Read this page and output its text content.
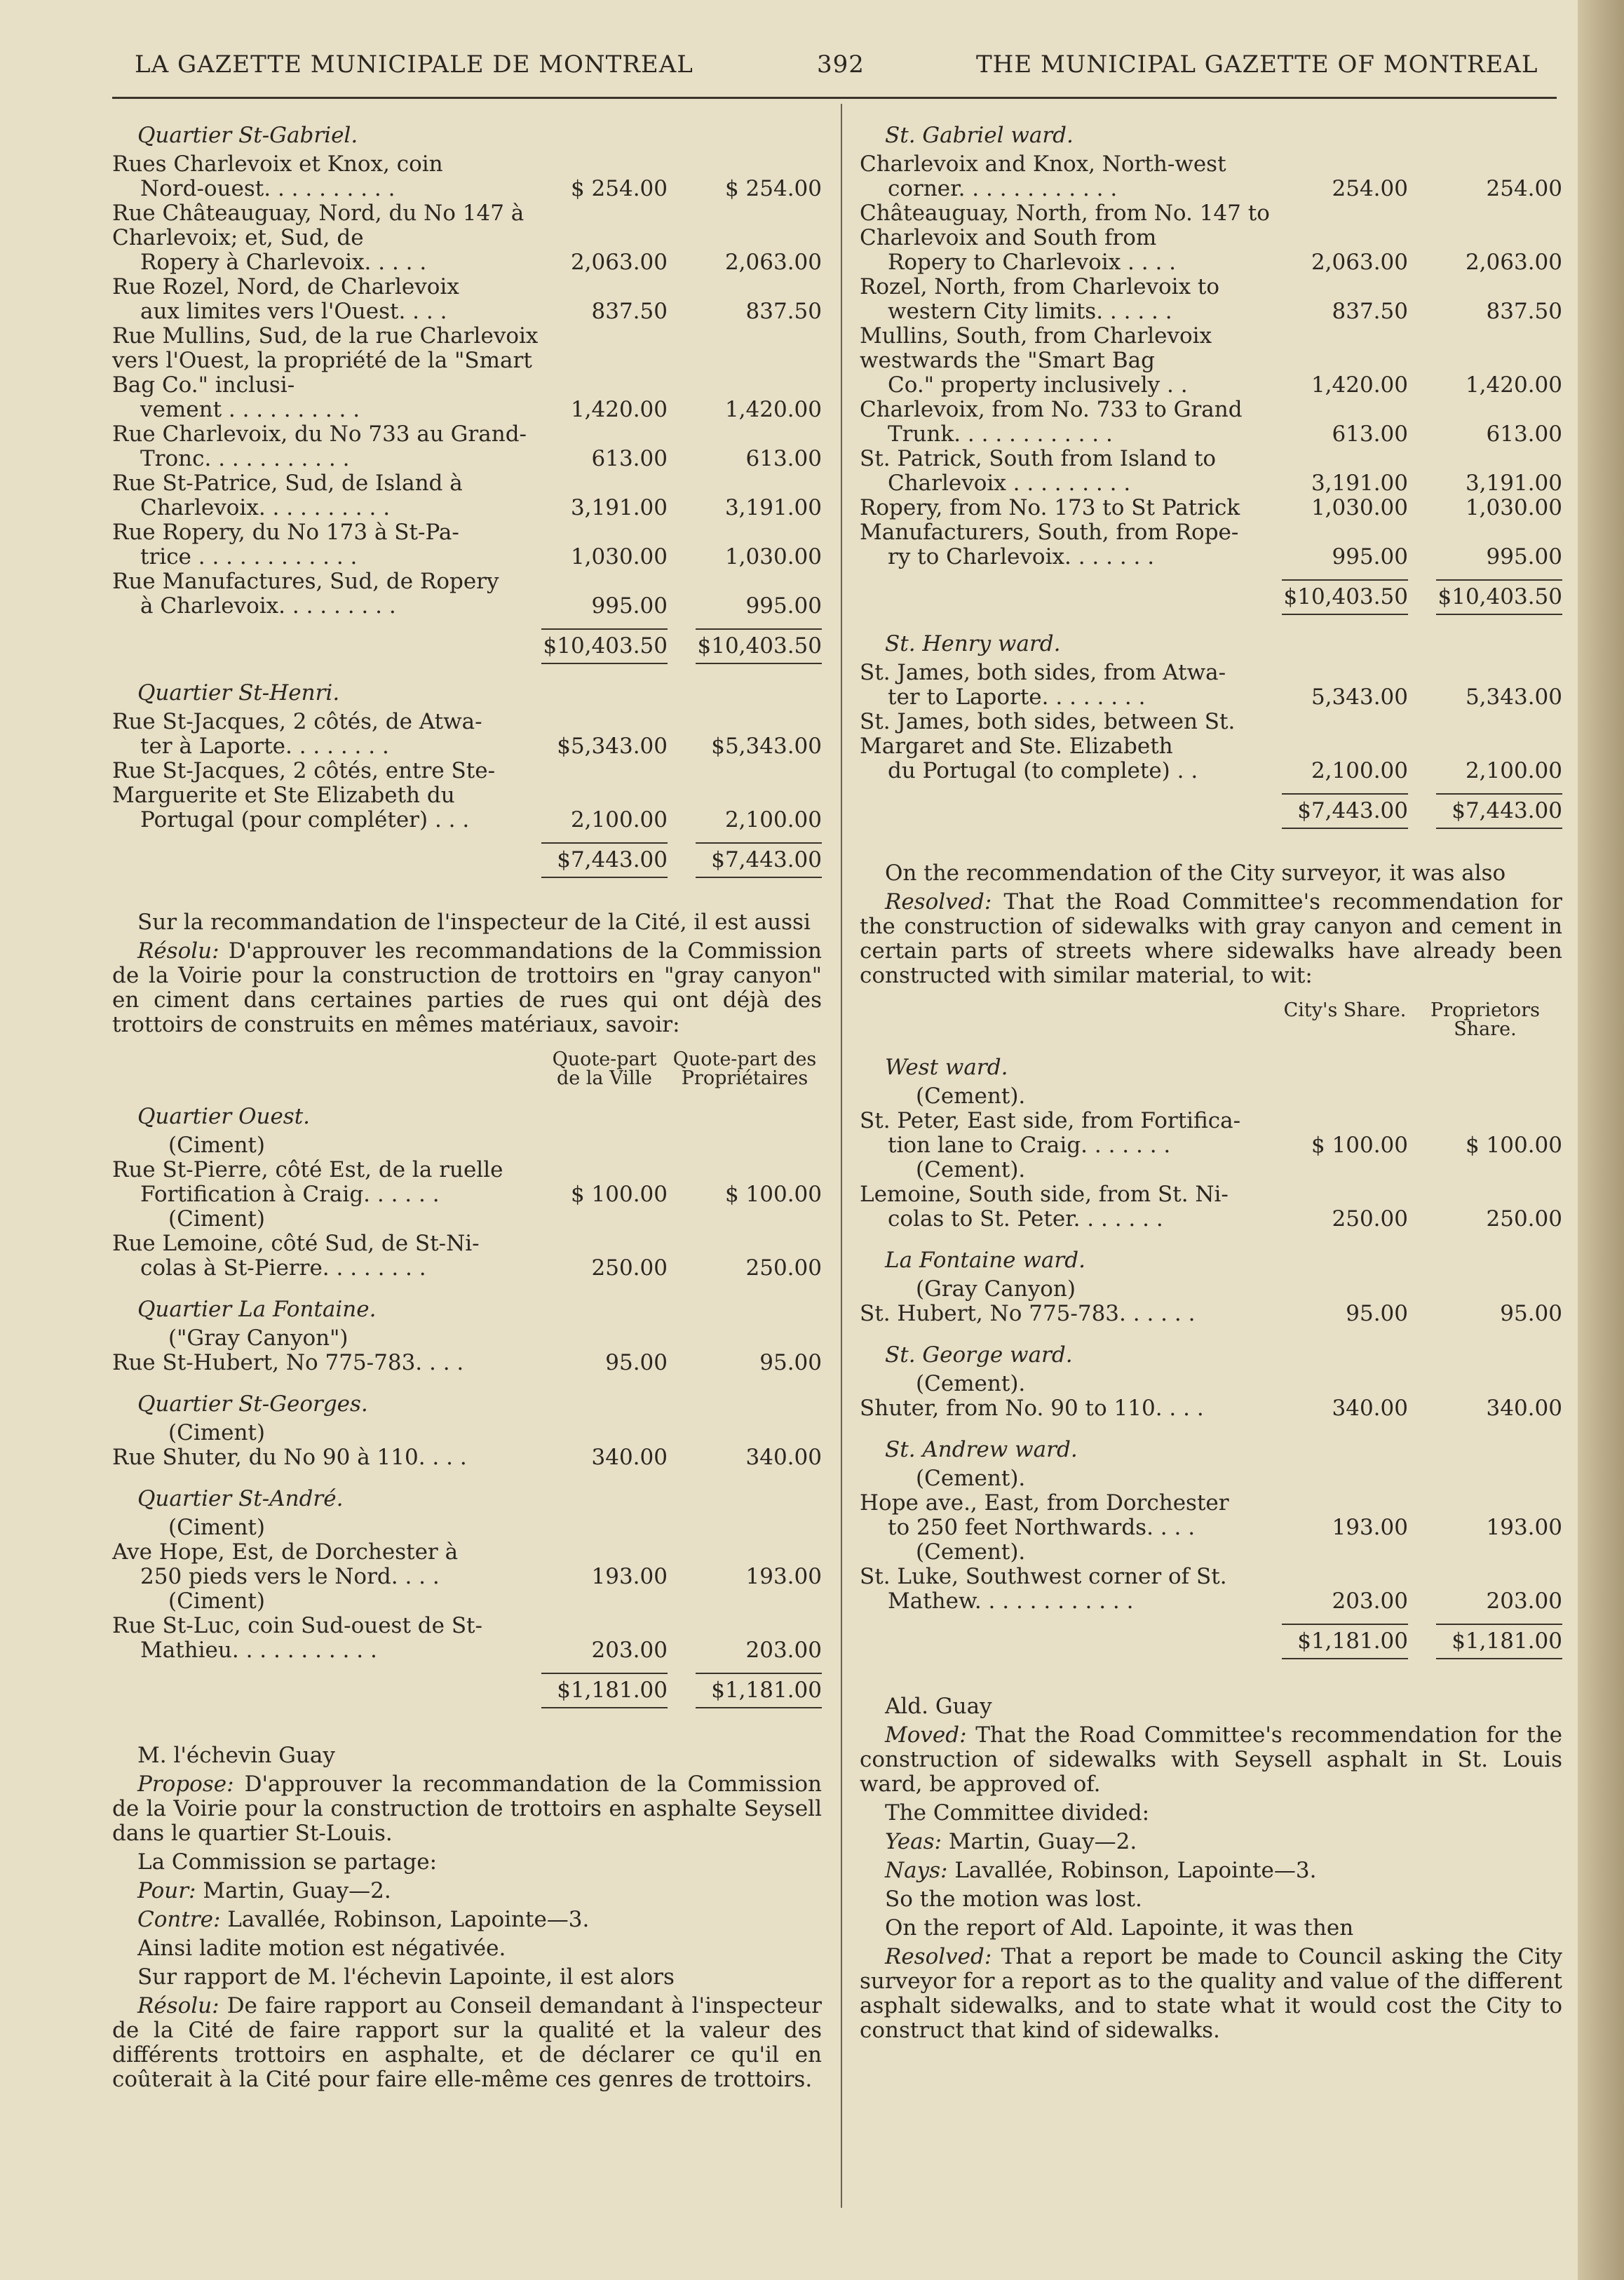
LA GAZETTE MUNICIPALE DE MONTREAL	392	THE MUNICIPAL GAZETTE OF MONTREAL
Quartier St-Gabriel.
Rues Charlevoix et Knox, coin
Nord-ouest. . . . . . . . . .	$ 254.00	$ 254.00
Rue Châteauguay, Nord, du No 147 à Charlevoix; et, Sud, de
Ropery à Charlevoix. . . . .	2,063.00	2,063.00
Rue Rozel, Nord, de Charlevoix
aux limites vers l'Ouest. . . .	837.50	837.50
Rue Mullins, Sud, de la rue Charlevoix vers l'Ouest, la propriété de la "Smart Bag Co." inclusi-
vement . . . . . . . . . .	1,420.00	1,420.00
Rue Charlevoix, du No 733 au Grand-
Tronc. . . . . . . . . . .	613.00	613.00
Rue St-Patrice, Sud, de Island à
Charlevoix. . . . . . . . . .	3,191.00	3,191.00
Rue Ropery, du No 173 à St-Pa-
trice . . . . . . . . . . . .	1,030.00	1,030.00
Rue Manufactures, Sud, de Ropery
à Charlevoix. . . . . . . . .	995.00	995.00
$10,403.50	$10,403.50
Quartier St-Henri.
Rue St-Jacques, 2 côtés, de Atwa-
ter à Laporte. . . . . . . .	$5,343.00	$5,343.00
Rue St-Jacques, 2 côtés, entre Ste-Marguerite et Ste Elizabeth du
Portugal (pour compléter) . . .	2,100.00	2,100.00
$7,443.00	$7,443.00
Sur la recommandation de l'inspecteur de la Cité, il est aussi
Résolu: D'approuver les recommandations de la Commission de la Voirie pour la construction de trottoirs en "gray canyon" en ciment dans certaines parties de rues qui ont déjà des trottoirs de construits en mêmes matériaux, savoir:
Quote-part de la Ville
Quote-part des Propriétaires
Quartier Ouest.
(Ciment)
Rue St-Pierre, côté Est, de la ruelle
Fortification à Craig. . . . . .	$ 100.00	$ 100.00
(Ciment)
Rue Lemoine, côté Sud, de St-Ni-
colas à St-Pierre. . . . . . . .	250.00	250.00
Quartier La Fontaine.
("Gray Canyon")
Rue St-Hubert, No 775-783. . . .	95.00	95.00
Quartier St-Georges.
(Ciment)
Rue Shuter, du No 90 à 110. . . .	340.00	340.00
Quartier St-André.
(Ciment)
Ave Hope, Est, de Dorchester à
250 pieds vers le Nord. . . .	193.00	193.00
(Ciment)
Rue St-Luc, coin Sud-ouest de St-
Mathieu. . . . . . . . . . .	203.00	203.00
$1,181.00	$1,181.00
M. l'échevin Guay
Propose: D'approuver la recommandation de la Commission de la Voirie pour la construction de trottoirs en asphalte Seysell dans le quartier St-Louis.
La Commission se partage:
Pour: Martin, Guay—2.
Contre: Lavallée, Robinson, Lapointe—3.
Ainsi ladite motion est négativée.
Sur rapport de M. l'échevin Lapointe, il est alors
Résolu: De faire rapport au Conseil demandant à l'inspecteur de la Cité de faire rapport sur la qualité et la valeur des différents trottoirs en asphalte, et de déclarer ce qu'il en coûterait à la Cité pour faire elle-même ces genres de trottoirs.
St. Gabriel ward.
Charlevoix and Knox, North-west
corner. . . . . . . . . . . .	254.00	254.00
Châteauguay, North, from No. 147 to Charlevoix and South from
Ropery to Charlevoix . . . .	2,063.00	2,063.00
Rozel, North, from Charlevoix to
western City limits. . . . . .	837.50	837.50
Mullins, South, from Charlevoix westwards the "Smart Bag
Co." property inclusively . .	1,420.00	1,420.00
Charlevoix, from No. 733 to Grand
Trunk. . . . . . . . . . . .	613.00	613.00
St. Patrick, South from Island to
Charlevoix . . . . . . . . .	3,191.00	3,191.00
Ropery, from No. 173 to St Patrick	1,030.00	1,030.00
Manufacturers, South, from Rope-
ry to Charlevoix. . . . . . .	995.00	995.00
$10,403.50	$10,403.50
St. Henry ward.
St. James, both sides, from Atwa-
ter to Laporte. . . . . . . .	5,343.00	5,343.00
St. James, both sides, between St. Margaret and Ste. Elizabeth
du Portugal (to complete) . .	2,100.00	2,100.00
$7,443.00	$7,443.00
On the recommendation of the City surveyor, it was also
Resolved: That the Road Committee's recommendation for the construction of sidewalks with gray canyon and cement in certain parts of streets where sidewalks have already been constructed with similar material, to wit:
City's Share.	Proprietors Share.
West ward.
(Cement).
St. Peter, East side, from Fortifica-
tion lane to Craig. . . . . . .	$ 100.00	$ 100.00
(Cement).
Lemoine, South side, from St. Ni-
colas to St. Peter. . . . . . .	250.00	250.00
La Fontaine ward.
(Gray Canyon)
St. Hubert, No 775-783. . . . . .	95.00	95.00
St. George ward.
(Cement).
Shuter, from No. 90 to 110. . . .	340.00	340.00
St. Andrew ward.
(Cement).
Hope ave., East, from Dorchester
to 250 feet Northwards. . . .	193.00	193.00
(Cement).
St. Luke, Southwest corner of St.
Mathew. . . . . . . . . . . .	203.00	203.00
$1,181.00	$1,181.00
Ald. Guay
Moved: That the Road Committee's recommendation for the construction of sidewalks with Seysell asphalt in St. Louis ward, be approved of.
The Committee divided:
Yeas: Martin, Guay—2.
Nays: Lavallée, Robinson, Lapointe—3.
So the motion was lost.
On the report of Ald. Lapointe, it was then
Resolved: That a report be made to Council asking the City surveyor for a report as to the quality and value of the different asphalt sidewalks, and to state what it would cost the City to construct that kind of sidewalks.
